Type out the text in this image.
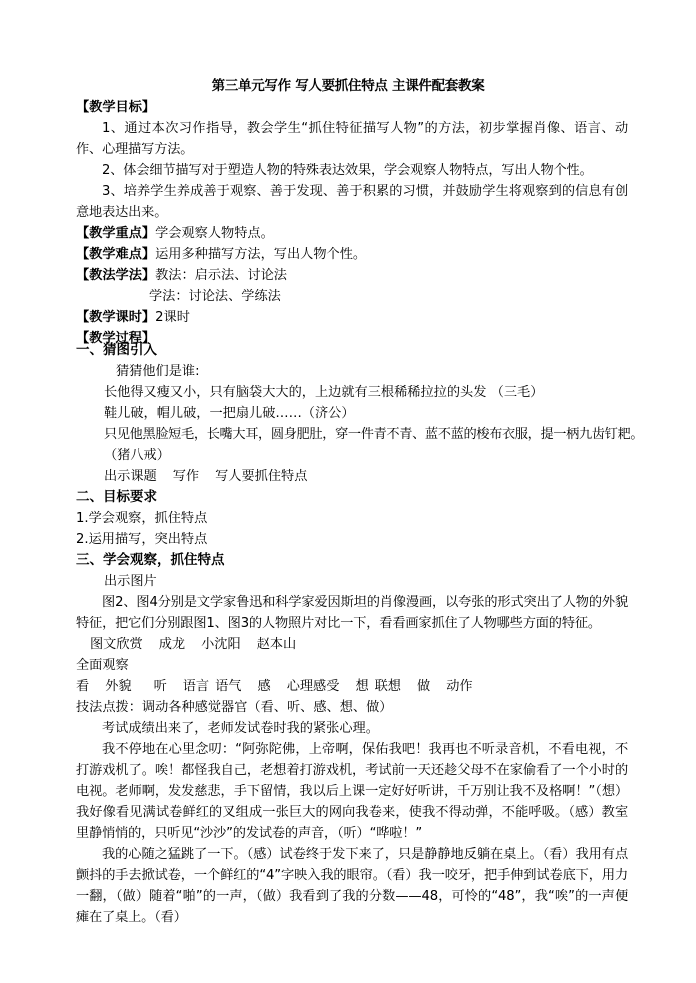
第三单元写作 写人要抓住特点 主课件配套教案
【教学目标】
1、通过本次习作指导，教会学生“抓住特征描写人物”的方法，初步掌握肖像、语言、动作、心理描写方法。
2、体会细节描写对于塑造人物的特殊表达效果，学会观察人物特点，写出人物个性。
3、培养学生养成善于观察、善于发现、善于积累的习惯，并鼓励学生将观察到的信息有创意地表达出来。
【教学重点】学会观察人物特点。
【教学难点】运用多种描写方法，写出人物个性。
【教法学法】教法：启示法、讨论法
学法：讨论法、学练法
【教学课时】2课时
【教学过程】
一、猜图引入
猜猜他们是谁:
长他得又瘦又小，只有脑袋大大的，上边就有三根稀稀拉拉的头发 （三毛）
鞋儿破，帽儿破，一把扇儿破……（济公）
只见他黑脸短毛，长嘴大耳，圆身肥肚，穿一件青不青、蓝不蓝的梭布衣服，提一柄九齿钉耙。
（猪八戒）
出示课题 写作 写人要抓住特点
二、目标要求
1.学会观察，抓住特点
2.运用描写，突出特点
三、学会观察，抓住特点
出示图片
图2、图4分别是文学家鲁迅和科学家爱因斯坦的肖像漫画，以夸张的形式突出了人物的外貌特征，把它们分别跟图1、图3的人物照片对比一下，看看画家抓住了人物哪些方面的特征。
图文欣赏 成龙 小沈阳 赵本山
全面观察
看 外貌 听 语言 语气 感 心理感受 想 联想 做 动作
技法点拨：调动各种感觉器官（看、听、感、想、做）
考试成绩出来了，老师发试卷时我的紧张心理。
我不停地在心里念叨：“阿弥陀佛，上帝啊，保佑我吧！我再也不听录音机，不看电视，不打游戏机了。唉！都怪我自己，老想着打游戏机，考试前一天还趁父母不在家偷看了一个小时的电视。老师啊，发发慈悲，手下留情，我以后上课一定好好听讲，千万别让我不及格啊！”（想）我好像看见满试卷鲜红的叉组成一张巨大的网向我卷来，使我不得动弹，不能呼吸。（感）教室里静悄悄的，只听见“沙沙”的发试卷的声音，（听）“哗啦！”
我的心随之猛跳了一下。（感）试卷终于发下来了，只是静静地反躺在桌上。（看）我用有点颤抖的手去掀试卷，一个鲜红的“4”字映入我的眼帘。（看）我一咬牙，把手伸到试卷底下，用力一翻，（做）随着“啪”的一声，（做）我看到了我的分数——48，可怜的“48”，我“唉”的一声便瘫在了桌上。（看）
